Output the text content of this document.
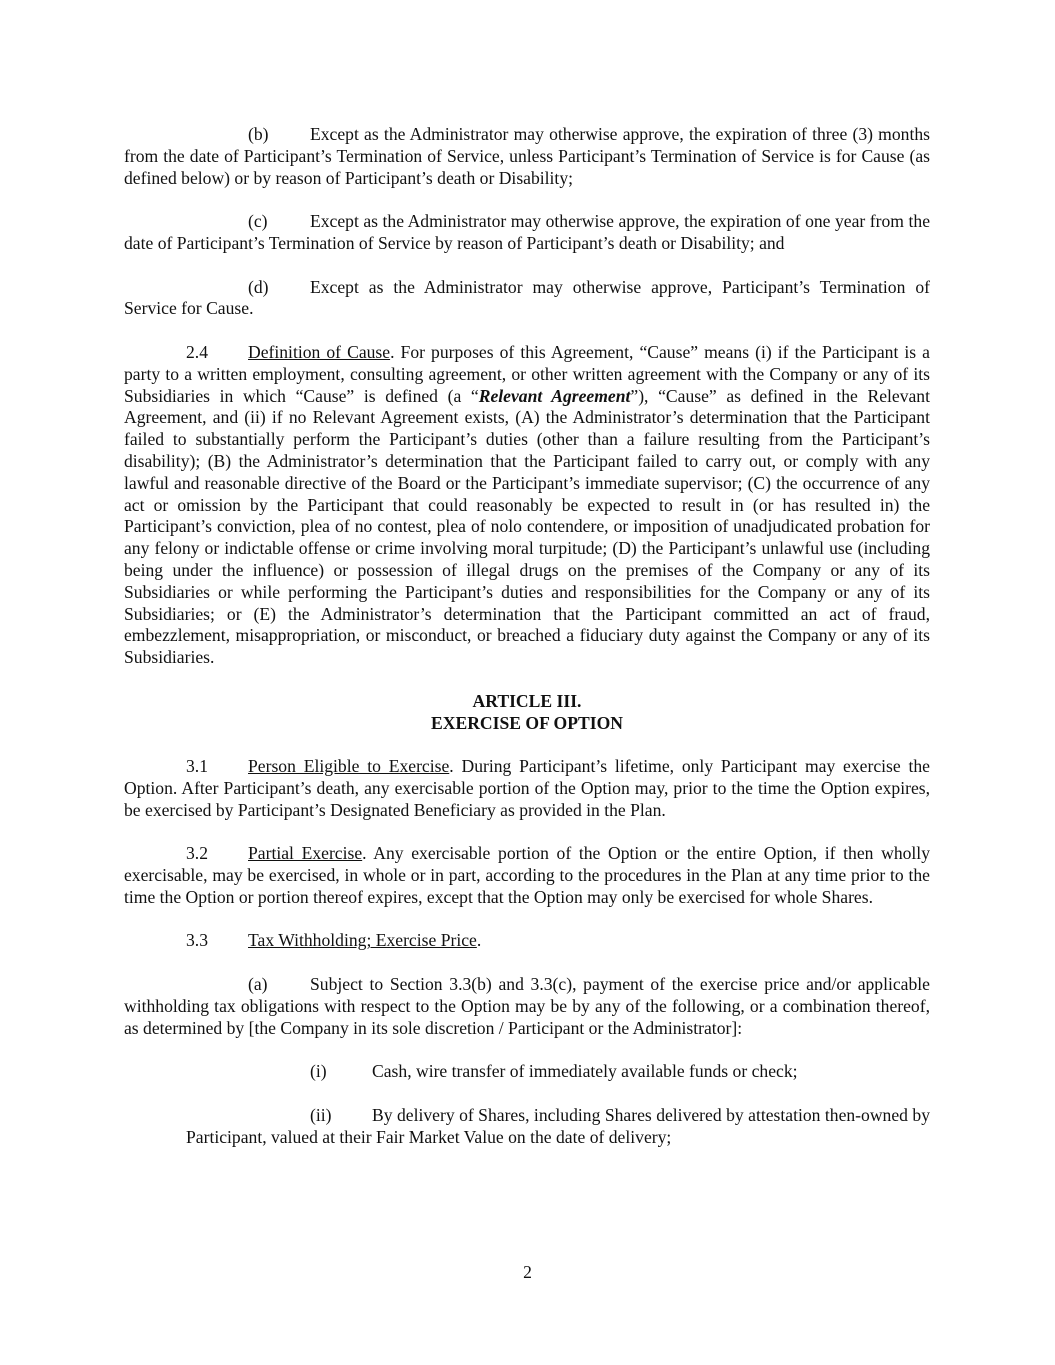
(b) Except as the Administrator may otherwise approve, the expiration of three (3) months from the date of Participant’s Termination of Service, unless Participant’s Termination of Service is for Cause (as defined below) or by reason of Participant’s death or Disability;

(c) Except as the Administrator may otherwise approve, the expiration of one year from the date of Participant’s Termination of Service by reason of Participant’s death or Disability; and

(d) Except as the Administrator may otherwise approve, Participant’s Termination of Service for Cause.

2.4 Definition of Cause. For purposes of this Agreement, “Cause” means (i) if the Participant is a party to a written employment, consulting agreement, or other written agreement with the Company or any of its Subsidiaries in which “Cause” is defined (a “Relevant Agreement”), “Cause” as defined in the Relevant Agreement, and (ii) if no Relevant Agreement exists, (A) the Administrator’s determination that the Participant failed to substantially perform the Participant’s duties (other than a failure resulting from the Participant’s disability); (B) the Administrator’s determination that the Participant failed to carry out, or comply with any lawful and reasonable directive of the Board or the Participant’s immediate supervisor; (C) the occurrence of any act or omission by the Participant that could reasonably be expected to result in (or has resulted in) the Participant’s conviction, plea of no contest, plea of nolo contendere, or imposition of unadjudicated probation for any felony or indictable offense or crime involving moral turpitude; (D) the Participant’s unlawful use (including being under the influence) or possession of illegal drugs on the premises of the Company or any of its Subsidiaries or while performing the Participant’s duties and responsibilities for the Company or any of its Subsidiaries; or (E) the Administrator’s determination that the Participant committed an act of fraud, embezzlement, misappropriation, or misconduct, or breached a fiduciary duty against the Company or any of its Subsidiaries.

ARTICLE III.
EXERCISE OF OPTION

3.1 Person Eligible to Exercise. During Participant’s lifetime, only Participant may exercise the Option. After Participant’s death, any exercisable portion of the Option may, prior to the time the Option expires, be exercised by Participant’s Designated Beneficiary as provided in the Plan.

3.2 Partial Exercise. Any exercisable portion of the Option or the entire Option, if then wholly exercisable, may be exercised, in whole or in part, according to the procedures in the Plan at any time prior to the time the Option or portion thereof expires, except that the Option may only be exercised for whole Shares.

3.3 Tax Withholding; Exercise Price.

(a) Subject to Section 3.3(b) and 3.3(c), payment of the exercise price and/or applicable withholding tax obligations with respect to the Option may be by any of the following, or a combination thereof, as determined by [the Company in its sole discretion / Participant or the Administrator]:

(i)	Cash, wire transfer of immediately available funds or check;

(ii) By delivery of Shares, including Shares delivered by attestation then-owned by Participant, valued at their Fair Market Value on the date of delivery;

2
